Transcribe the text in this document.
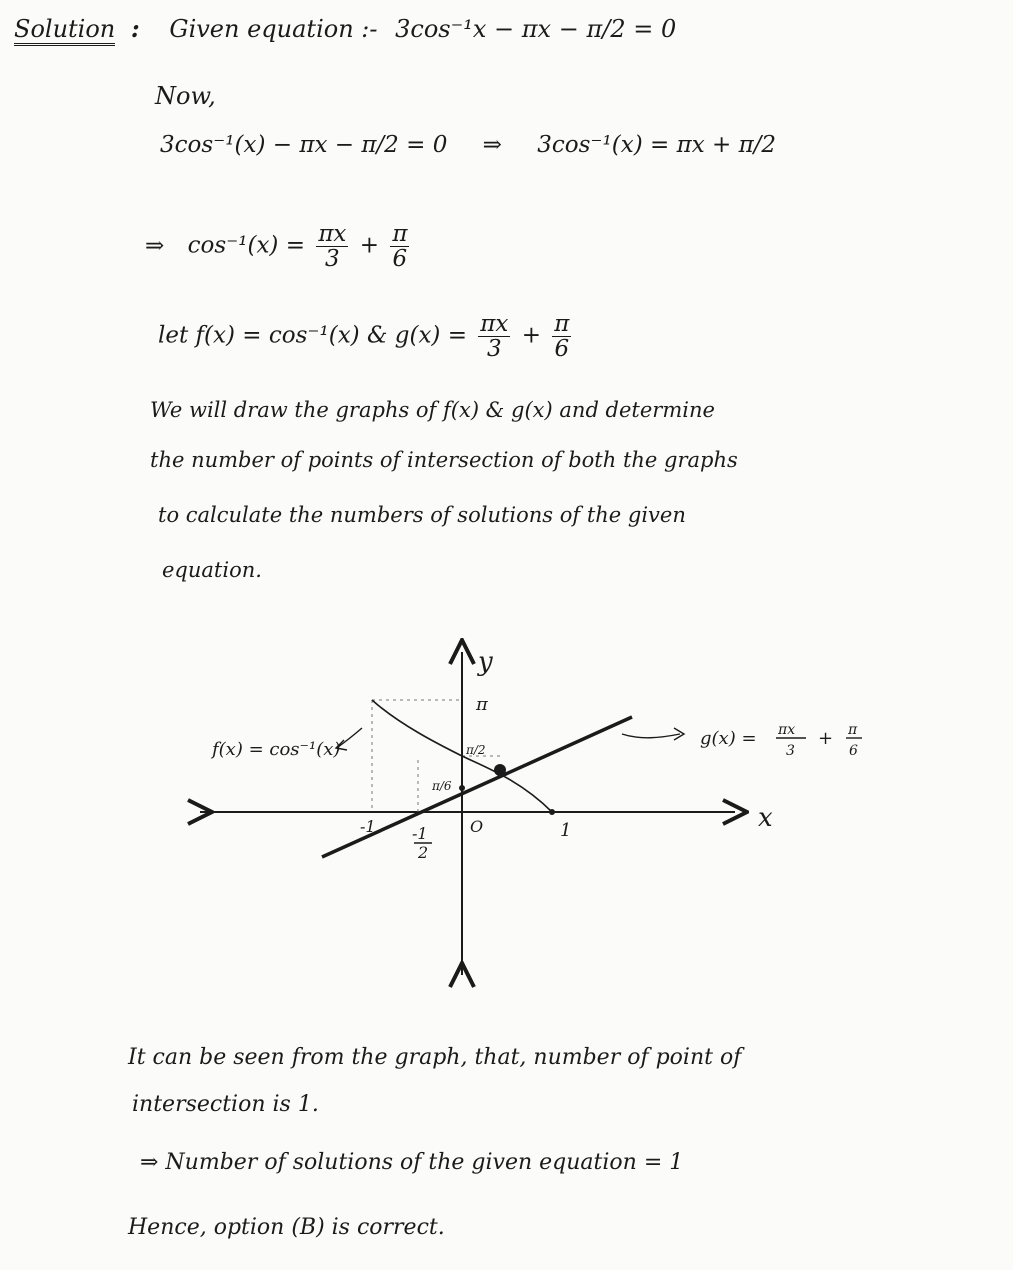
Solution : Given equation :- 3cos⁻¹x − πx − π/2 = 0
Now,
3cos⁻¹(x) − πx − π/2 = 0 ⇒ 3cos⁻¹(x) = πx + π/2
⇒ $\cos^{-1}(x) = \frac{\pi x}{3} + \frac{\pi}{6}$
let f(x) = cos⁻¹(x) & $g(x) = \frac{\pi x}{3} + \frac{\pi}{6}$
We will draw the graphs of f(x) & g(x) and determine
the number of points of intersection of both the graphs
to calculate the numbers of solutions of the given
equation.
y
x
π
π/2
π/6
-1 -1
2
O	1
f(x) = cos⁻¹(x)
g(x) = πx
3
+ π
6
It can be seen from the graph, that, number of point of
intersection is 1.
⇒ Number of solutions of the given equation = 1
Hence, option (B) is correct.
